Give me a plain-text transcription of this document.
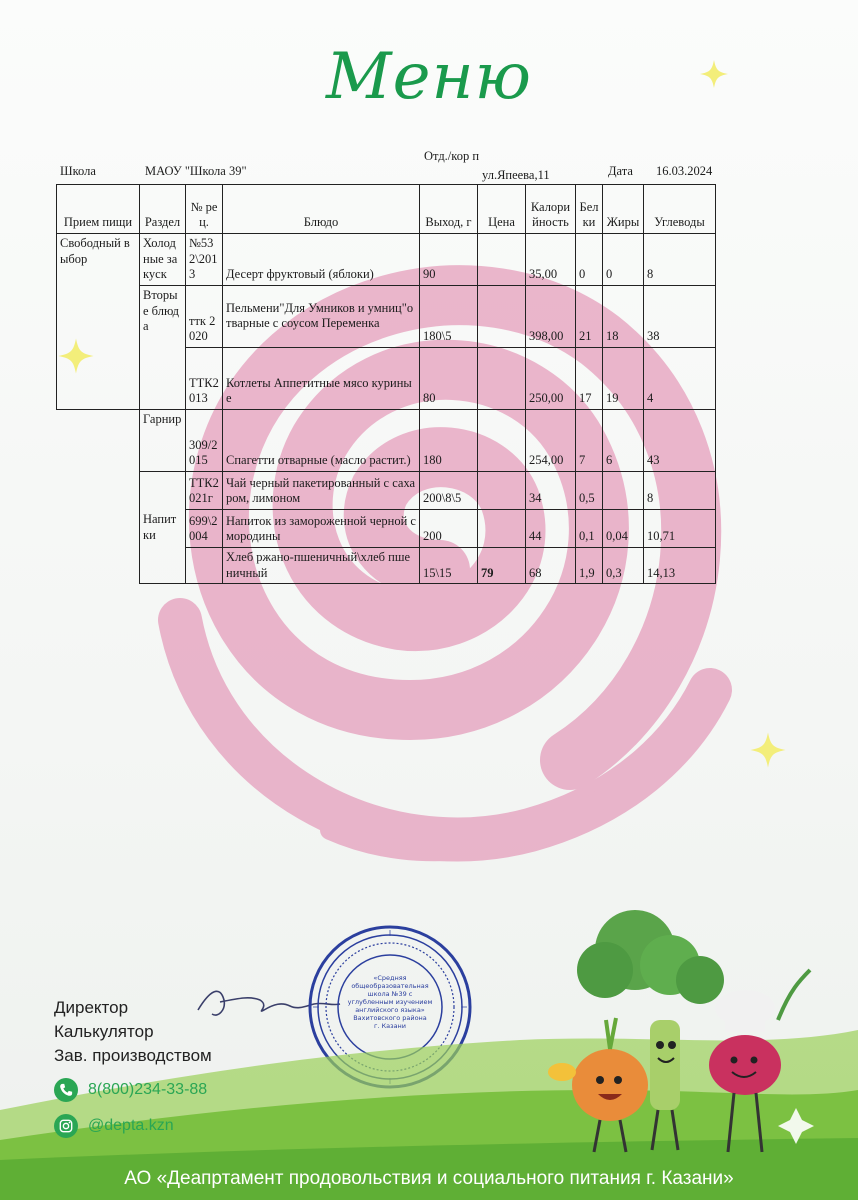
Меню
Школа	МАОУ "Школа 39"
Отд./кор п
ул.Япеева,11	Дата 16.03.2024
Прием пищи	Раздел	№ рец.	Блюдо	Выход, г	Цена	Калорийность	Белки	Жиры	Углеводы
Свободный выбор	Холодные закуск	№532\2013	Десерт фруктовый (яблоки)	90		35,00	0	0	8
	Вторые блюда	ттк 2020	Пельмени"Для Умников и умниц"отварные с соусом Переменка	180\5		398,00	21	18	38
		ТТК2013	Котлеты Аппетитные мясо куриные	80		250,00	17	19	4
	Гарнир	309/2015	Спагетти отварные (масло растит.)	180		254,00	7	6	43
	Напитки	ТТК2021г	Чай черный пакетированный с сахаром, лимоном	200\8\5		34	0,5		8
		699\2004	Напиток из замороженной черной смородины	200		44	0,1	0,04	10,71
			Хлеб ржано-пшеничный\хлеб пшеничный	15\15	79	68	1,9	0,3	14,13
Директор
Калькулятор
Зав. производством
«Средняя
общеобразовательная
школа №39 с
углубленным изучением
английского языка»
Вахитовского района
г. Казани
8(800)234-33-88
@depta.kzn
АО «Деапртамент продовольствия и социального питания г. Казани»
